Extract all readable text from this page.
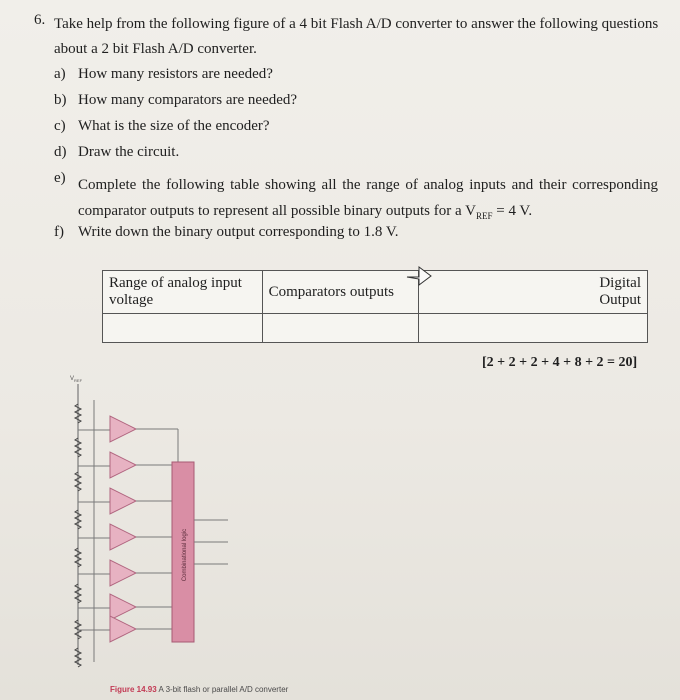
6. Take help from the following figure of a 4 bit Flash A/D converter to answer the following questions about a 2 bit Flash A/D converter.
a) How many resistors are needed?
b) How many comparators are needed?
c) What is the size of the encoder?
d) Draw the circuit.
e) Complete the following table showing all the range of analog inputs and their corresponding comparator outputs to represent all possible binary outputs for a $V_{REF} = 4$ V.
f) Write down the binary output corresponding to 1.8 V.
Range of analog input voltage	Comparators outputs	Digital Output

[2 + 2 + 2 + 4 + 8 + 2 = 20]
$V_{REF}$
Combinational logic
Figure 14.93 A 3-bit flash or parallel A/D converter
